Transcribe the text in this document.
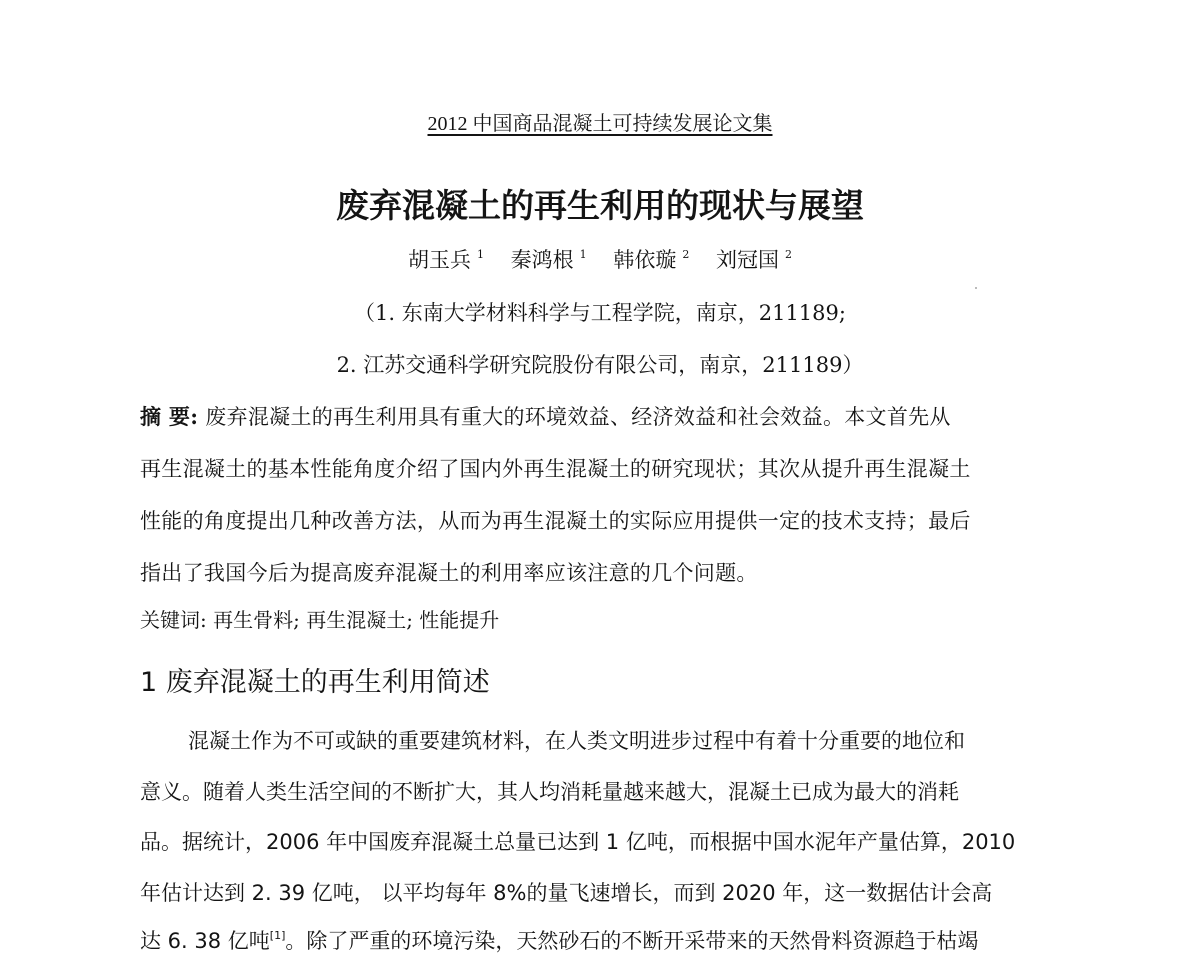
2012 中国商品混凝土可持续发展论文集
废弃混凝土的再生利用的现状与展望
胡玉兵 $^1$ 秦鸿根 $^1$ 韩依璇 $^2$ 刘冠国 $^2$
（1. 东南大学材料科学与工程学院，南京，211189;
2. 江苏交通科学研究院股份有限公司，南京，211189）
摘 要: 废弃混凝土的再生利用具有重大的环境效益、经济效益和社会效益。本文首先从
再生混凝土的基本性能角度介绍了国内外再生混凝土的研究现状；其次从提升再生混凝土
性能的角度提出几种改善方法，从而为再生混凝土的实际应用提供一定的技术支持；最后
指出了我国今后为提高废弃混凝土的利用率应该注意的几个问题。
关键词: 再生骨料; 再生混凝土; 性能提升
1 废弃混凝土的再生利用简述
混凝土作为不可或缺的重要建筑材料，在人类文明进步过程中有着十分重要的地位和
意义。随着人类生活空间的不断扩大，其人均消耗量越来越大，混凝土已成为最大的消耗
品。据统计，2006 年中国废弃混凝土总量已达到 1 亿吨，而根据中国水泥年产量估算，2010
年估计达到 2. 39 亿吨， 以平均每年 8%的量飞速增长，而到 2020 年，这一数据估计会高
达 6. 38 亿吨[1]。除了严重的环境污染，天然砂石的不断开采带来的天然骨料资源趋于枯竭
